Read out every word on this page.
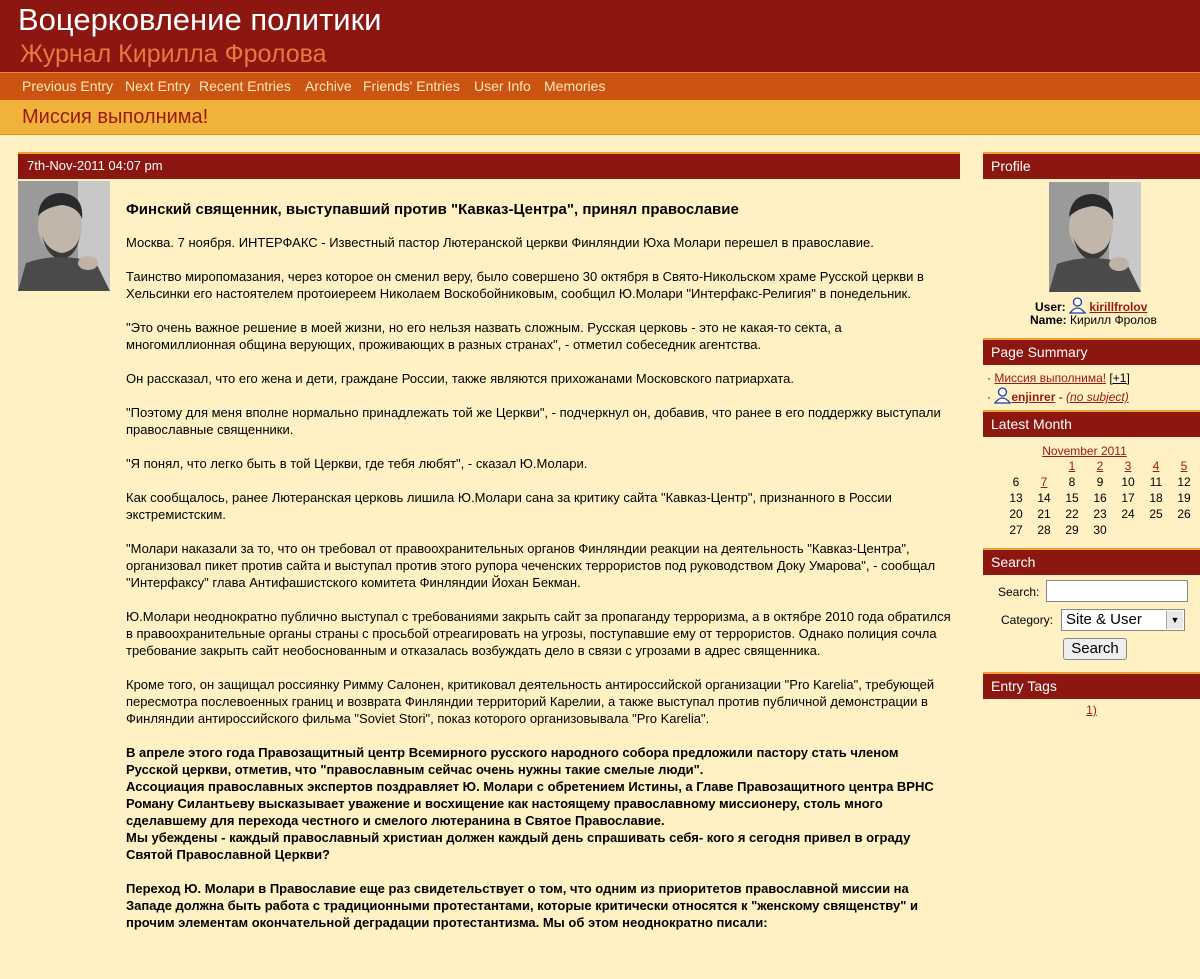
Воцерковление политики
Журнал Кирилла Фролова
Previous Entry Next Entry Recent Entries Archive Friends' Entries User Info Memories
Миссия выполнима!
7th-Nov-2011 04:07 pm
Финский священник, выступавший против "Кавказ-Центра", принял православие

Москва. 7 ноября. ИНТЕРФАКС - Известный пастор Лютеранской церкви Финляндии Юха Молари перешел в православие.

Таинство миропомазания, через которое он сменил веру, было совершено 30 октября в Свято-Никольском храме Русской церкви в Хельсинки его настоятелем протоиереем Николаем Воскобойниковым, сообщил Ю.Молари "Интерфакс-Религия" в понедельник.

"Это очень важное решение в моей жизни, но его нельзя назвать сложным. Русская церковь - это не какая-то секта, а многомиллионная община верующих, проживающих в разных странах", - отметил собеседник агентства.

Он рассказал, что его жена и дети, граждане России, также являются прихожанами Московского патриархата.

"Поэтому для меня вполне нормально принадлежать той же Церкви", - подчеркнул он, добавив, что ранее в его поддержку выступали православные священники.

"Я понял, что легко быть в той Церкви, где тебя любят", - сказал Ю.Молари.

Как сообщалось, ранее Лютеранская церковь лишила Ю.Молари сана за критику сайта "Кавказ-Центр", признанного в России экстремистским.

"Молари наказали за то, что он требовал от правоохранительных органов Финляндии реакции на деятельность "Кавказ-Центра", организовал пикет против сайта и выступал против этого рупора чеченских террористов под руководством Доку Умарова", - сообщал "Интерфаксу" глава Антифашистского комитета Финляндии Йохан Бекман.

Ю.Молари неоднократно публично выступал с требованиями закрыть сайт за пропаганду терроризма, а в октябре 2010 года обратился в правоохранительные органы страны с просьбой отреагировать на угрозы, поступавшие ему от террористов. Однако полиция сочла требование закрыть сайт необоснованным и отказалась возбуждать дело в связи с угрозами в адрес священника.

Кроме того, он защищал россиянку Римму Салонен, критиковал деятельность антироссийской организации "Pro Karelia", требующей пересмотра послевоенных границ и возврата Финляндии территорий Карелии, а также выступал против публичной демонстрации в Финляндии антироссийского фильма "Soviet Stori", показ которого организовывала "Pro Karelia".

В апреле этого года Правозащитный центр Всемирного русского народного собора предложили пастору стать членом Русской церкви, отметив, что "православным сейчас очень нужны такие смелые люди".
Ассоциация православных экспертов поздравляет Ю. Молари с обретением Истины, а Главе Правозащитного центра ВРНС Роману Силантьеву высказывает уважение и восхищение как настоящему православному миссионеру, столь много сделавшему для перехода честного и смелого лютеранина в Святое Православие.
Мы убеждены - каждый православный христиан должен каждый день спрашивать себя- кого я сегодня привел в ограду Святой Православной Церкви?

Переход Ю. Молари в Православие еще раз свидетельствует о том, что одним из приоритетов православной миссии на Западе должна быть работа с традиционными протестантами, которые критически относятся к "женскому священству" и прочим элементам окончательной деградации протестантизма. Мы об этом неоднократно писали:

Profile
User: kirillfrolov
Name: Кирилл Фролов
Page Summary
· Миссия выполнима! [+1]
· enjinrer - (no subject)
Latest Month
November 2011
		1	2	3	4	5
6	7	8	9	10	11	12
13	14	15	16	17	18	19
20	21	22	23	24	25	26
27	28	29	30			
Search
Search:
Category: Site & User	▼
Search
Entry Tags
1)
